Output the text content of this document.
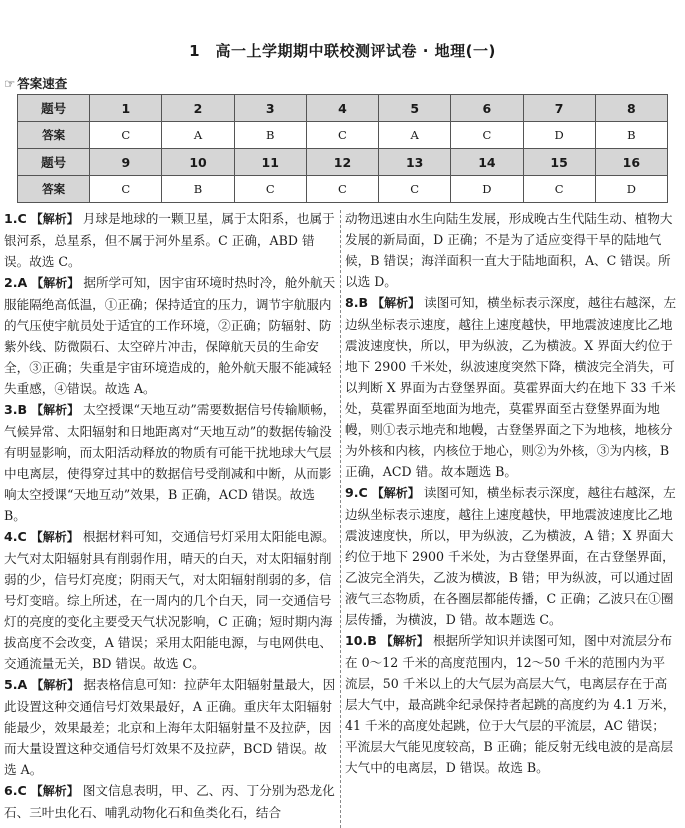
1　高一上学期期中联校测评试卷 · 地理(一)
☞ 答案速查
题号	1	2	3	4	5	6	7	8
答案	C	A	B	C	A	C	D	B
题号	9	10	11	12	13	14	15	16
答案	C	B	C	C	C	D	C	D

1.C 【解析】 月球是地球的一颗卫星，属于太阳系，也属于银河系，总星系，但不属于河外星系。C 正确，ABD 错误。故选 C。

2.A 【解析】 据所学可知，因宇宙环境时热时冷，舱外航天服能隔绝高低温，①正确；保持适宜的压力，调节宇航服内的气压使宇航员处于适宜的工作环境，②正确；防辐射、防紫外线、防微陨石、太空碎片冲击，保障航天员的生命安全，③正确；失重是宇宙环境造成的，舱外航天服不能减轻失重感，④错误。故选 A。

3.B 【解析】 太空授课“天地互动”需要数据信号传输顺畅，气候异常、太阳辐射和日地距离对“天地互动”的数据传输没有明显影响，而太阳活动释放的物质有可能干扰地球大气层中电离层，使得穿过其中的数据信号受削减和中断，从而影响太空授课“天地互动”效果，B 正确，ACD 错误。故选 B。

4.C 【解析】 根据材料可知，交通信号灯采用太阳能电源。大气对太阳辐射具有削弱作用，晴天的白天，对太阳辐射削弱的少，信号灯亮度；阴雨天气，对太阳辐射削弱的多，信号灯变暗。综上所述，在一周内的几个白天，同一交通信号灯的亮度的变化主要受天气状况影响，C 正确；短时期内海拔高度不会改变，A 错误；采用太阳能电源，与电网供电、交通流量无关，BD 错误。故选 C。

5.A 【解析】 据表格信息可知：拉萨年太阳辐射量最大，因此设置这种交通信号灯效果最好，A 正确。重庆年太阳辐射能最少，效果最差；北京和上海年太阳辐射量不及拉萨，因而大量设置这种交通信号灯效果不及拉萨，BCD 错误。故选 A。

6.C 【解析】 图文信息表明，甲、乙、丙、丁分别为恐龙化石、三叶虫化石、哺乳动物化石和鱼类化石，结合

动物迅速由水生向陆生发展，形成晚古生代陆生动、植物大发展的新局面，D 正确；不是为了适应变得干旱的陆地气候，B 错误；海洋面积一直大于陆地面积，A、C 错误。所以选 D。

8.B 【解析】 读图可知，横坐标表示深度，越往右越深，左边纵坐标表示速度，越往上速度越快，甲地震波速度比乙地震波速度快，所以，甲为纵波，乙为横波。X 界面大约位于地下 2900 千米处，纵波速度突然下降，横波完全消失，可以判断 X 界面为古登堡界面。莫霍界面大约在地下 33 千米处，莫霍界面至地面为地壳，莫霍界面至古登堡界面为地幔，则①表示地壳和地幔，古登堡界面之下为地核，地核分为外核和内核，内核位于地心，则②为外核，③为内核，B 正确，ACD 错。故本题选 B。

9.C 【解析】 读图可知，横坐标表示深度，越往右越深，左边纵坐标表示速度，越往上速度越快，甲地震波速度比乙地震波速度快，所以，甲为纵波，乙为横波，A 错；X 界面大约位于地下 2900 千米处，为古登堡界面，在古登堡界面，乙波完全消失，乙波为横波，B 错；甲为纵波，可以通过固液气三态物质，在各圈层都能传播，C 正确；乙波只在①圈层传播，为横波，D 错。故本题选 C。

10.B 【解析】 根据所学知识并读图可知，图中对流层分布在 0～12 千米的高度范围内，12～50 千米的范围内为平流层，50 千米以上的大气层为高层大气，电离层存在于高层大气中，最高跳伞纪录保持者起跳的高度约为 4.1 万米，41 千米的高度处起跳，位于大气层的平流层，AC 错误；平流层大气能见度较高，B 正确；能反射无线电波的是高层大气中的电离层，D 错误。故选 B。
